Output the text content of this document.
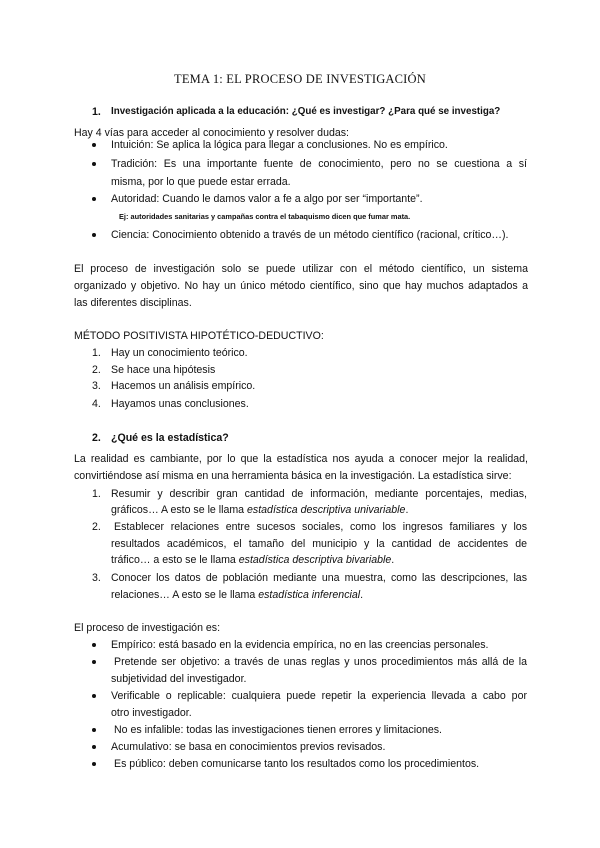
TEMA 1: EL PROCESO DE INVESTIGACIÓN
1. Investigación aplicada a la educación: ¿Qué es investigar? ¿Para qué se investiga?
Hay 4 vías para acceder al conocimiento y resolver dudas:
Intuición: Se aplica la lógica para llegar a conclusiones. No es empírico.
Tradición: Es una importante fuente de conocimiento, pero no se cuestiona a sí
misma, por lo que puede estar errada.
Autoridad: Cuando le damos valor a fe a algo por ser “importante”.
Ej: autoridades sanitarias y campañas contra el tabaquismo dicen que fumar mata.
Ciencia: Conocimiento obtenido a través de un método científico (racional, crítico…).
El proceso de investigación solo se puede utilizar con el método científico, un sistema
organizado y objetivo. No hay un único método científico, sino que hay muchos adaptados a
las diferentes disciplinas.
MÉTODO POSITIVISTA HIPOTÉTICO-DEDUCTIVO:
1. Hay un conocimiento teórico.
2. Se hace una hipótesis
3. Hacemos un análisis empírico.
4. Hayamos unas conclusiones.
2. ¿Qué es la estadística?
La realidad es cambiante, por lo que la estadística nos ayuda a conocer mejor la realidad,
convirtiéndose así misma en una herramienta básica en la investigación. La estadística sirve:
1. Resumir y describir gran cantidad de información, mediante porcentajes, medias,
gráficos… A esto se le llama estadística descriptiva univariable.
2. Establecer relaciones entre sucesos sociales, como los ingresos familiares y los
resultados académicos, el tamaño del municipio y la cantidad de accidentes de
tráfico… a esto se le llama estadística descriptiva bivariable.
3. Conocer los datos de población mediante una muestra, como las descripciones, las
relaciones… A esto se le llama estadística inferencial.
El proceso de investigación es:
Empírico: está basado en la evidencia empírica, no en las creencias personales.
Pretende ser objetivo: a través de unas reglas y unos procedimientos más allá de la
subjetividad del investigador.
Verificable o replicable: cualquiera puede repetir la experiencia llevada a cabo por
otro investigador.
No es infalible: todas las investigaciones tienen errores y limitaciones.
Acumulativo: se basa en conocimientos previos revisados.
Es público: deben comunicarse tanto los resultados como los procedimientos.
